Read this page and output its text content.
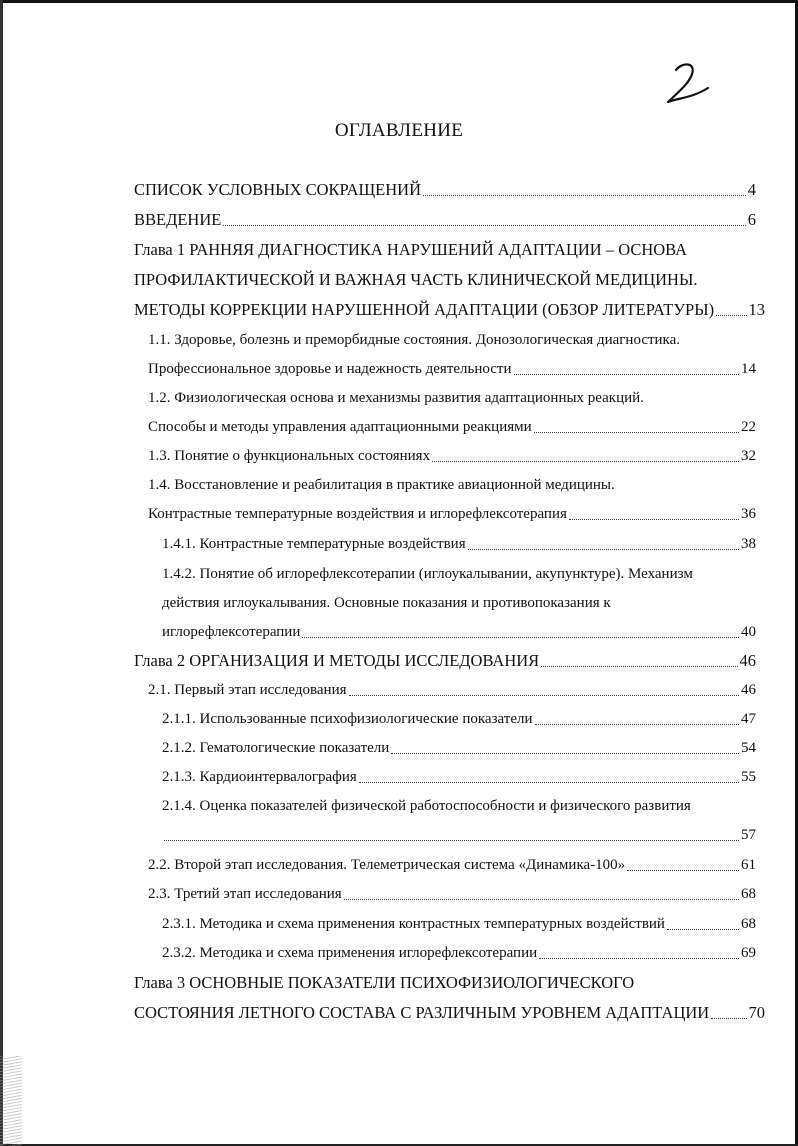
ОГЛАВЛЕНИЕ
СПИСОК УСЛОВНЫХ СОКРАЩЕНИЙ	4
ВВЕДЕНИЕ	6
Глава 1 РАННЯЯ ДИАГНОСТИКА НАРУШЕНИЙ АДАПТАЦИИ – ОСНОВА
ПРОФИЛАКТИЧЕСКОЙ И ВАЖНАЯ ЧАСТЬ КЛИНИЧЕСКОЙ МЕДИЦИНЫ.
МЕТОДЫ КОРРЕКЦИИ НАРУШЕННОЙ АДАПТАЦИИ (ОБЗОР ЛИТЕРАТУРЫ) 13
1.1. Здоровье, болезнь и преморбидные состояния. Донозологическая диагностика.
Профессиональное здоровье и надежность деятельности	14
1.2. Физиологическая основа и механизмы развития адаптационных реакций.
Способы и методы управления адаптационными реакциями	22
1.3. Понятие о функциональных состояниях	32
1.4. Восстановление и реабилитация в практике авиационной медицины.
Контрастные температурные воздействия и иглорефлексотерапия	36
1.4.1. Контрастные температурные воздействия	38
1.4.2. Понятие об иглорефлексотерапии (иглоукалывании, акупунктуре). Механизм
действия иглоукалывания. Основные показания и противопоказания к
иглорефлексотерапии	40
Глава 2 ОРГАНИЗАЦИЯ И МЕТОДЫ ИССЛЕДОВАНИЯ	46
2.1. Первый этап исследования	46
2.1.1. Использованные психофизиологические показатели	47
2.1.2. Гематологические показатели	54
2.1.3. Кардиоинтервалография	55
2.1.4. Оценка показателей физической работоспособности и физического развития
57
2.2. Второй этап исследования. Телеметрическая система «Динамика-100»	61
2.3. Третий этап исследования	68
2.3.1. Методика и схема применения контрастных температурных воздействий	68
2.3.2. Методика и схема применения иглорефлексотерапии	69
Глава 3 ОСНОВНЫЕ ПОКАЗАТЕЛИ ПСИХОФИЗИОЛОГИЧЕСКОГО
СОСТОЯНИЯ ЛЕТНОГО СОСТАВА С РАЗЛИЧНЫМ УРОВНЕМ АДАПТАЦИИ 70
